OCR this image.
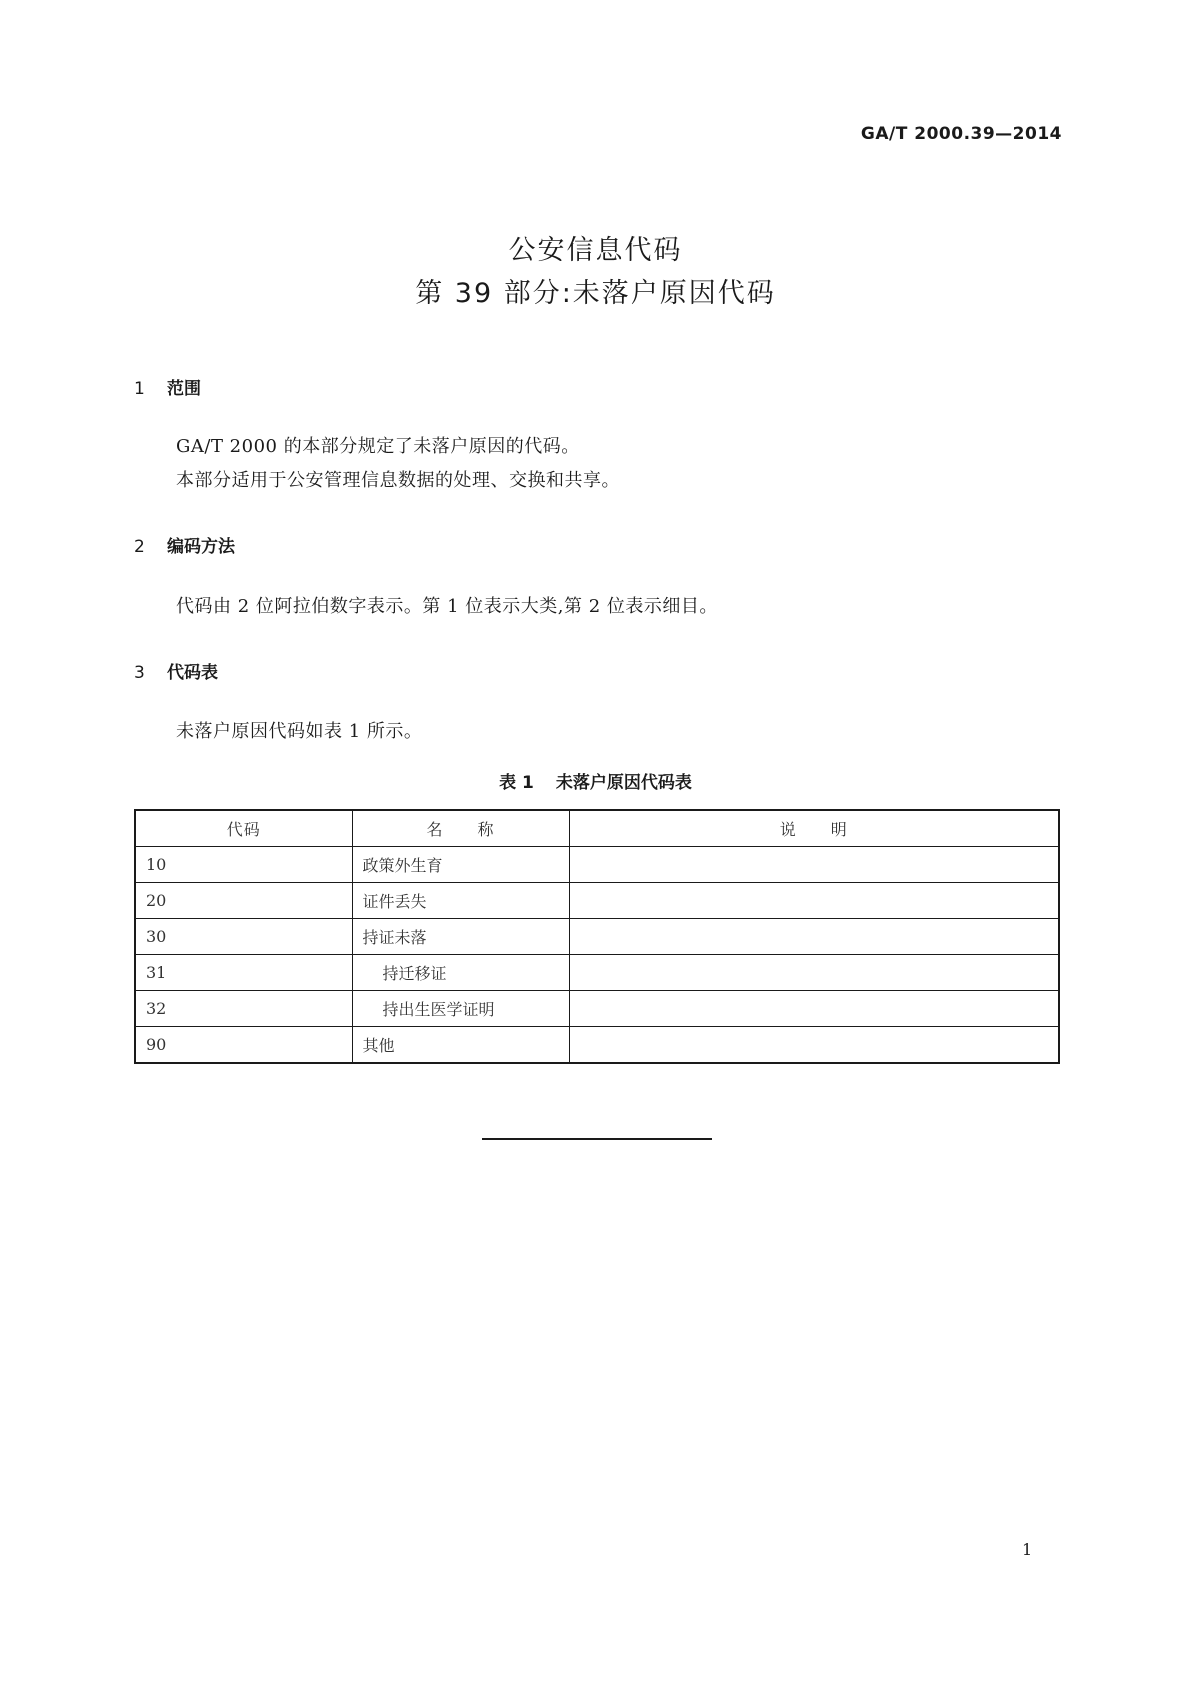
GA/T 2000.39—2014
公安信息代码
第 39 部分:未落户原因代码
1 范围
GA/T 2000 的本部分规定了未落户原因的代码。
本部分适用于公安管理信息数据的处理、交换和共享。
2 编码方法
代码由 2 位阿拉伯数字表示。第 1 位表示大类,第 2 位表示细目。
3 代码表
未落户原因代码如表 1 所示。
表 1 未落户原因代码表
代码	名　　称	说　　明
10	政策外生育	
20	证件丢失	
30	持证未落	
31	持迁移证	
32	持出生医学证明	
90	其他	
1
